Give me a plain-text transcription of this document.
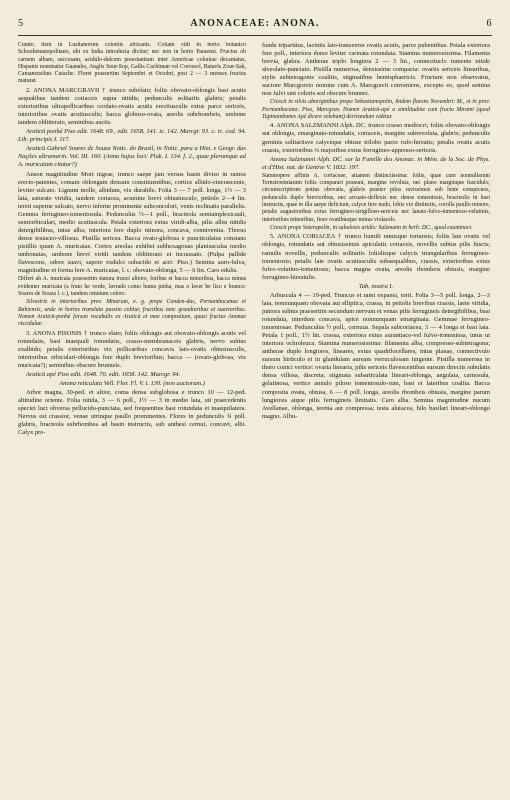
5	ANONACEAE: ANONA.	6

Cunde; item in Lusitanorum coloniis africanis. Coltam vidi in horto botanico Schoolienanopolitano, ubi ex India introducta dicitur; nec non in horto Paraensi. Fructus ob carnem albam, succosam, acidulo-dulcem praestantiam inter Americae coloniae decantatus, Hispanis nominatur Guanabo, Anglis Sour-Sop, Gallis Cachiman vel Corossol, Batavis Zour-Sak, Camanensibus Cutache. Floret praesertim Septembri et Octobri, post 2 — 3 menses fructus maturat.

2. ANONA MARCGRAVII † trunco subelato; foliis obovato-oblongis basi acutis aequalibus tandem coriaceis supra nitidis; pedunculis solitariis glabris; petalis exterioribus ultrapollicaribus cordato-ovatis acutis erectiusculis extus parce sericeis, interioribus ovatis acutiusculis; bacca globoso-ovata, areolis subrhombeis, umbone tandem oblitterato, seminibus auctis.

Araticü ponhé Piso edit. 1648. 69., edit. 1658. 141. ic. 142. Marcgr. 93. c. ic. cod. 94. Lib. principis I. 117.

Araticü Gabriel Soares de Souza Notic. do Brasil, in Notic. para a Hist. e Geogr. das Nações ultramarin. Vol. III. 160. (Anno hujus loci: Pluk. I. 134. f. 2., quae plerumque ad A. muricatam citatur?)

Anson magnitudine Mori nigrae, trunco saepe jam versus basin diviso in ramos erecto-patentes, comam oblongam densam constituentibus, cortice albido-cinerascente, leviter sulcato. Lignum molle, albidum, vix durabile. Folia 3 — 7 poll. longa, 1½ — 3 lata, saturate viridia, tandem coriacea, acumine brevi obtusiusculo, petiolo 2—4 lin. tereti superne sulcato, nervo inferne prominente subconcolori, venis reclinatis parallelis. Gemma ferrugineo-tomentosula. Pedunculus ½—1 poll., bracteola semiamplexicauli, semiorbiculari, medio acutiuscula. Petala exteriora extus viridi-alba, pilis albis nitidis detergibilibus, intus alba; interiora fere duplo minora, concava, conniventia. Thorus dense testaceo-villosus. Pistilla sericea. Bacca ovato-globosa e puncticulatus constans pistillis quam A. muricatae. Cortex areolas exhibet subhexagonas planiusculas medio umbonatas, umbone brevi viridi tandem oblitterato et incrassato. (Pulpa pallide flavescens, odore suavi, sapore exdulci subacido et acri: Piso.) Semina auro-fulva, magnitudine et forma fere A. muricatae, l. c. obovato-oblonga, 5 — 6 lin. Caro edulis.

Differt ab A. muricata praesertim statura trunci altiore, foribus et bacca minoribus, bacca minus evidenter muricata (a fruto he verde, lavrado como huma pinha, mas o laver he lizo e branco: Soares de Souza l. c.), tandem omnium colore.

Silvestris in interioribus prov. Minarum, e. g. prope Conden-das, Pernambucanae et Bahiensis, unde in hortos translata passim colitur, fructibus tunc grandioribus et suavioribus. Nomen Araticü-ponhé forsan vocabulis ex Araticü et mae compositum, quasi fructus Anonae viscidulae.

3. ANONA PISONIS † trunco elato; foliis oblongis aut obovato-oblongis acutis vel rotundatis, basi inaequali rotundatis, crasso-membranaceis glabris, nervo subtus exalbido; petalis exterioribus vix pollicaribus concavis lato-ovatis obtusiusculis, interioribus orbiculari-oblongis fere duplo brevioribus; bacca — (ovato-globosa, vix muricata?); seminibus obscure brunneis.

Araticü apé Piso edit. 1648. 70. edit. 1658. 142. Marcgr. 94.

Anona reticulata Vell. Flor. Fl. V. t. 130. (non auctorum.)

Arbor magna, 30-ped. et altior, coma densa subglobosa e trunco 10 — 12-ped. altitudine oriente. Folia nitida, 3 — 6 poll., 1½ — 3 in medio lata, uti praecedentis speciei luci obversa pellucido-punctata, sed frequentius basi rotundata et inaequilatera. Nervus est crassior, venae utrinque paullo prominentes. Flores in pedunculis ¾ poll. glabris, bracteola subrhombea ad basin instructis, sub anthesi cernui, concavi, albi. Calyx pro-

funde tripartitus, laciniis lato-transverse ovatis acutis, parce pubentibus. Petala exteriora fere poll., interiora dorso leviter carinata rotundata. Stamina numerosissima. Filamenta brevia, glabra. Antherae triplo longiera 2 — 3 lin., connectiuclo tumente nitide alveolato-punctato. Pistilla numerosa, densissime compacta: ovariis sericeis linearibus, stylis subtetragonis coalitis, stigmatibus hemisphaericis. Fructum non observatus, auctore Marcgravio nomine cum A. Marcgravii conveniens, excepto eo, quod semina non fulvi sint coloris sed obscure brunnei.

Crescit in silvis aboriginibus prope Sebastianopolin, ibidem florens Novembri: M., et in prov. Pernambucana: Piso, Marcgrav. Nomen Araticü-apé a similitudine cum fructu Mirami (quod Tupinambanes Apé dicere solebant) derivandum videtur.

4. ANONA SALZMANNI Alph. DC. trunco crasso mediocri; foliis obovato-oblongis aut oblongis, emarginato-rotundatis, coriaceis, margine subrevoluta, glabris; pedunculis geminis solitariisve calyceque obtuse trilobo parce rufo-hirsutis; petalis ovatis acutis crassis, exterioribus ¼ majoribus extus ferrugineo-appresso-sericeis.

Anona Salzmanni Alph. DC. sur la Famille des Anonac. in Mém. de la Soc. de Phys. et d'Hist. nat. de Genève V. 1832. 197.

Summopere affinis A. coriaceae, attamen distinctissima: foliis, quae cum nonnullarum Ternstroemiarum foliis comparari possunt, margine revoluta, nec plano marginque fuscidulo, circumscriptione potius obovatis, glabris praeter pilos ravissimos sub lente conspicuos, pedunculis duplo brevioribus, nec arcuato-deflexis nec dense tomentosis, bracteolis in basi instructis, quae in illa saepe deficiunt, calyce fere nudo, lobis vix distinctis, corolla paullo minore, petalis augustioribus extus ferrugineo-strigilloso-sericeis nec lanato-fulvo-tomentoso-velutinis, interioribus minoribus, fiore ovatibusque minus violacels.

Crescit prope Soteropolin, in sabulosis aridis: Salzmann in herb. DC., quod examinavi.

5. ANONA CORIACEA † trunco humili ramisque tortuosis; foliis late ovatis vel oblongis, rotundatis aut obtusissimis apiculatis coriaceis, novellis subtus pilis fuscis; ramulis novellis, pedunculis solitariis foliolisque calycis triangularibus ferrugineo-tomentosis; petalis late ovatis acutiusculis subaequalibus, crassis, exterioribus extus fulvo-velutino-tomentosis; bacca magna ovata, areolis rhombeis obtusis, margine ferrugineo-hirsutulis.

Tab. nostra I.

Arbuscula 4 — 10-ped. Truncus et rami expansi, torti. Folia 3—5 poll. longa, 2—3 lata, nonnunquam obovata aut elliptica, crassa, in petiolis brevibus crassis, laete viridia, juniora subtus praesertim secundum nervum et venas pilis ferrugineis detergibilibus, basi rotundata, interdum concava, apice nonnunquam emarginata. Gemmae ferrugineo-tomentosae. Pedunculus ½ poll., cernuus. Sepala subcoriacea, 3 — 4 longa et basi lata. Petala 1 poll., 1½ lin. crassa, exteriora extus aurantiaco-vel fulvo-tomentosa, intus ut interiora ochroleuca. Stamina numerosissima: filamenta alba, compresso-subtetragona; antherae duplo longiores, lineares, extus quadrilocellares, intus planae, connectivulo sursum hirticulo et in glandulam auream verruculosam turgente. Pistilla numerosa in thoro conici vertice: ovaria linearia, pilis sericeis flavescentibus sursum directis subulatis densa villosa, discreta; stigmata subarticulata lineari-oblonga, angulata, carnosula, gelatinosa, vertice annulo piloso tomentosulo-rum, basi et lateribus coalita. Bacca composita ovata, obtusa, 6 — 8 poll. longa, areolis rhombeis obtusis, margine parum lungiorsis atque pilis ferrugineis limitatis. Caro alba. Semina magnitudine nucum Avellanae, oblonga, teretia aut compressa; testa alutacea, hilo basilari lineari-oblongo magno. Albu-
